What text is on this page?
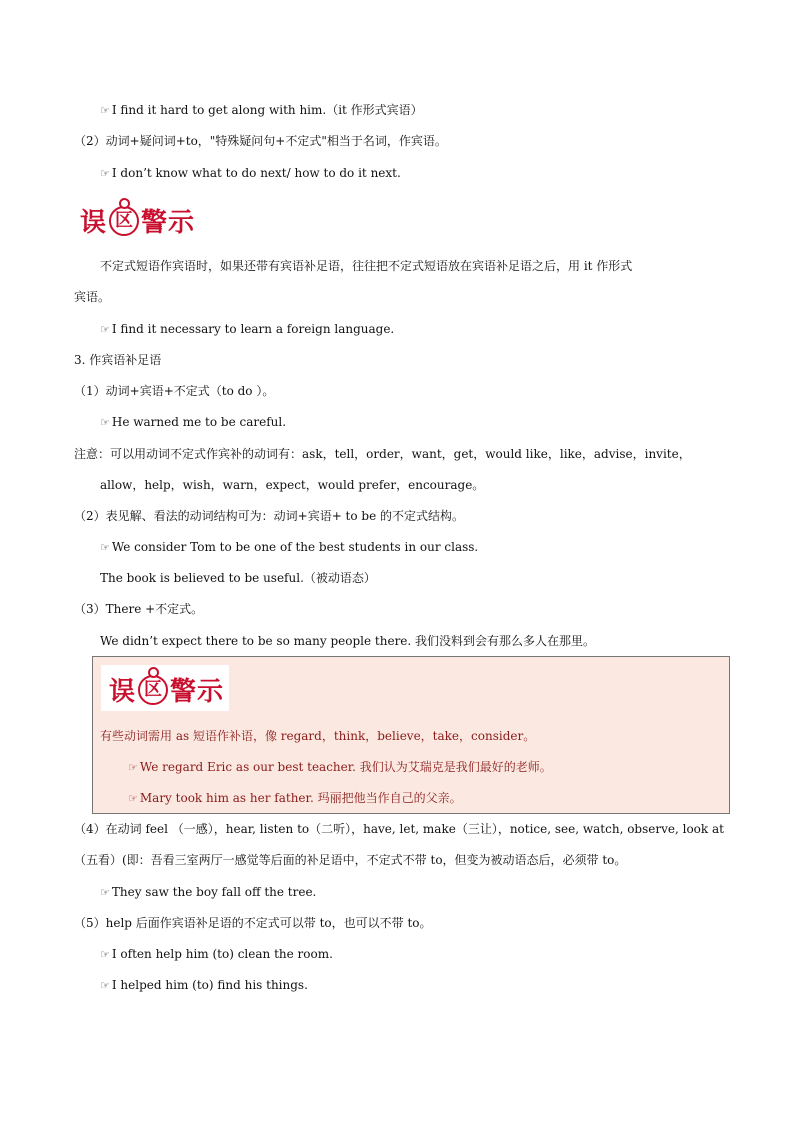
☞ I find it hard to get along with him.（it 作形式宾语）
（2）动词+疑问词+to，"特殊疑问句+不定式"相当于名词，作宾语。
☞ I don’t know what to do next/ how to do it next.
误 区 警示
不定式短语作宾语时，如果还带有宾语补足语，往往把不定式短语放在宾语补足语之后，用 it 作形式
宾语。
☞ I find it necessary to learn a foreign language.
3. 作宾语补足语
（1）动词+宾语+不定式（to do ）。
☞ He warned me to be careful.
注意：可以用动词不定式作宾补的动词有：ask，tell，order，want，get，would like，like，advise，invite，
allow，help，wish，warn，expect，would prefer，encourage。
（2）表见解、看法的动词结构可为：动词+宾语+ to be 的不定式结构。
☞ We consider Tom to be one of the best students in our class.
The book is believed to be useful.（被动语态）
（3）There +不定式。
We didn’t expect there to be so many people there. 我们没料到会有那么多人在那里。
误 区 警示
有些动词需用 as 短语作补语，像 regard，think，believe，take，consider。
☞ We regard Eric as our best teacher. 我们认为艾瑞克是我们最好的老师。
☞ Mary took him as her father. 玛丽把他当作自己的父亲。
（4）在动词 feel （一感），hear, listen to（二听），have, let, make（三让），notice, see, watch, observe, look at
（五看）(即：吾看三室两厅一感觉等后面的补足语中，不定式不带 to，但变为被动语态后，必须带 to。
☞ They saw the boy fall off the tree.
（5）help 后面作宾语补足语的不定式可以带 to，也可以不带 to。
☞ I often help him (to) clean the room.
☞ I helped him (to) find his things.
